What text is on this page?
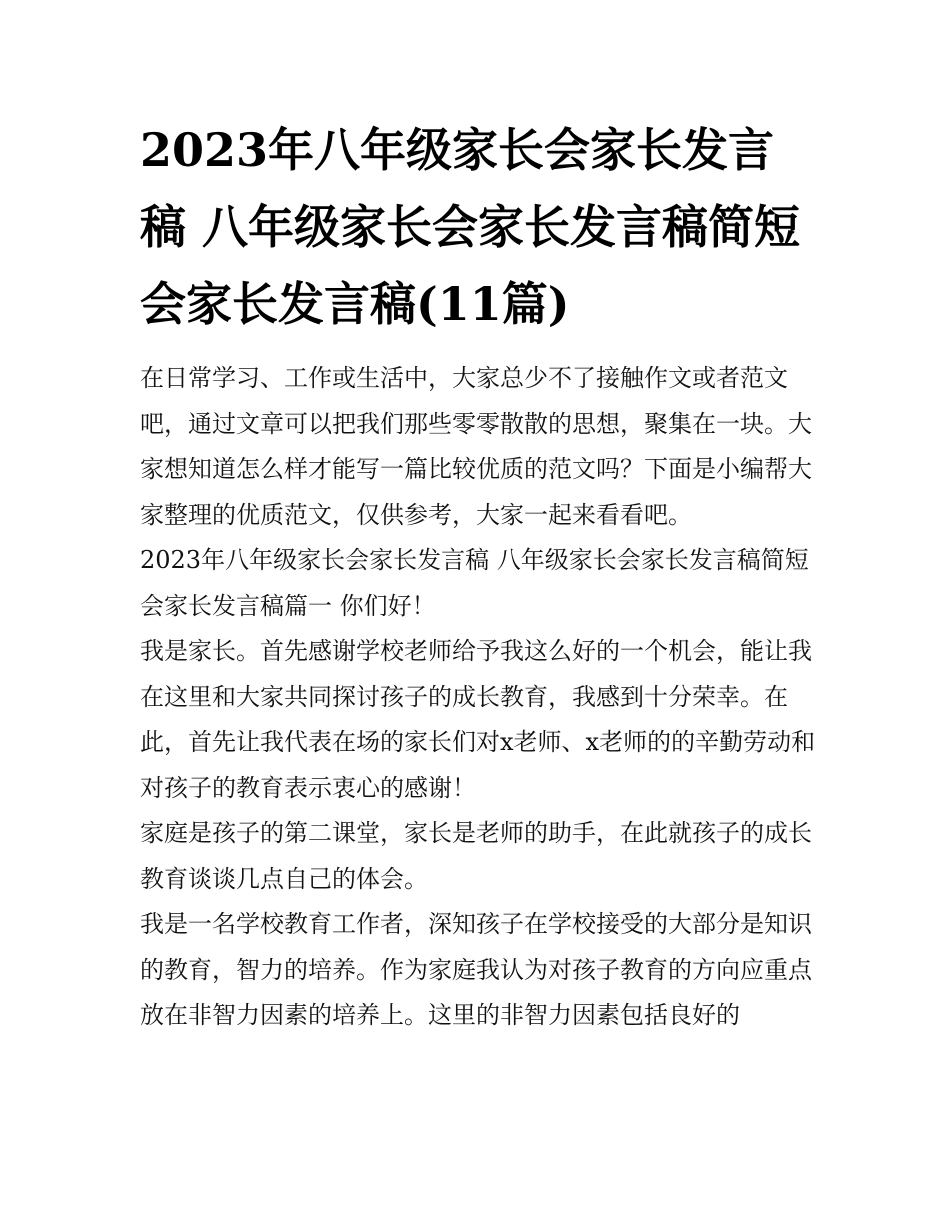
2023年八年级家长会家长发言稿 八年级家长会家长发言稿简短会家长发言稿(11篇)

在日常学习、工作或生活中，大家总少不了接触作文或者范文吧，通过文章可以把我们那些零零散散的思想，聚集在一块。大家想知道怎么样才能写一篇比较优质的范文吗？下面是小编帮大家整理的优质范文，仅供参考，大家一起来看看吧。

2023年八年级家长会家长发言稿 八年级家长会家长发言稿简短会家长发言稿篇一 你们好！

我是家长。首先感谢学校老师给予我这么好的一个机会，能让我在这里和大家共同探讨孩子的成长教育，我感到十分荣幸。在此，首先让我代表在场的家长们对x老师、x老师的的辛勤劳动和对孩子的教育表示衷心的感谢！

家庭是孩子的第二课堂，家长是老师的助手，在此就孩子的成长教育谈谈几点自己的体会。

我是一名学校教育工作者，深知孩子在学校接受的大部分是知识的教育，智力的培养。作为家庭我认为对孩子教育的方向应重点放在非智力因素的培养上。这里的非智力因素包括良好的
